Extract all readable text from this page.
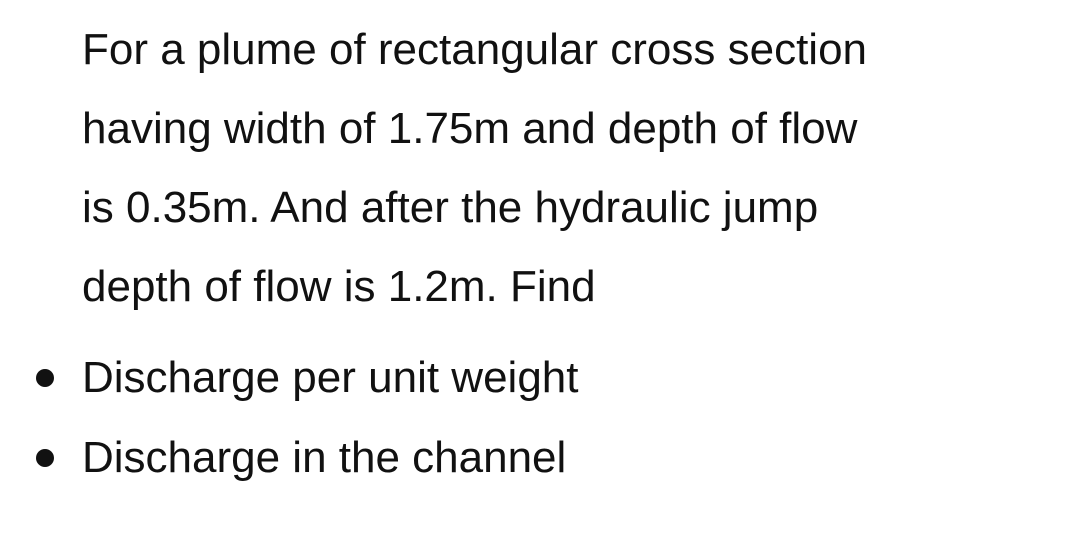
For a plume of rectangular cross section
having width of 1.75m and depth of flow
is 0.35m. And after the hydraulic jump
depth of flow is 1.2m. Find
Discharge per unit weight
Discharge in the channel
